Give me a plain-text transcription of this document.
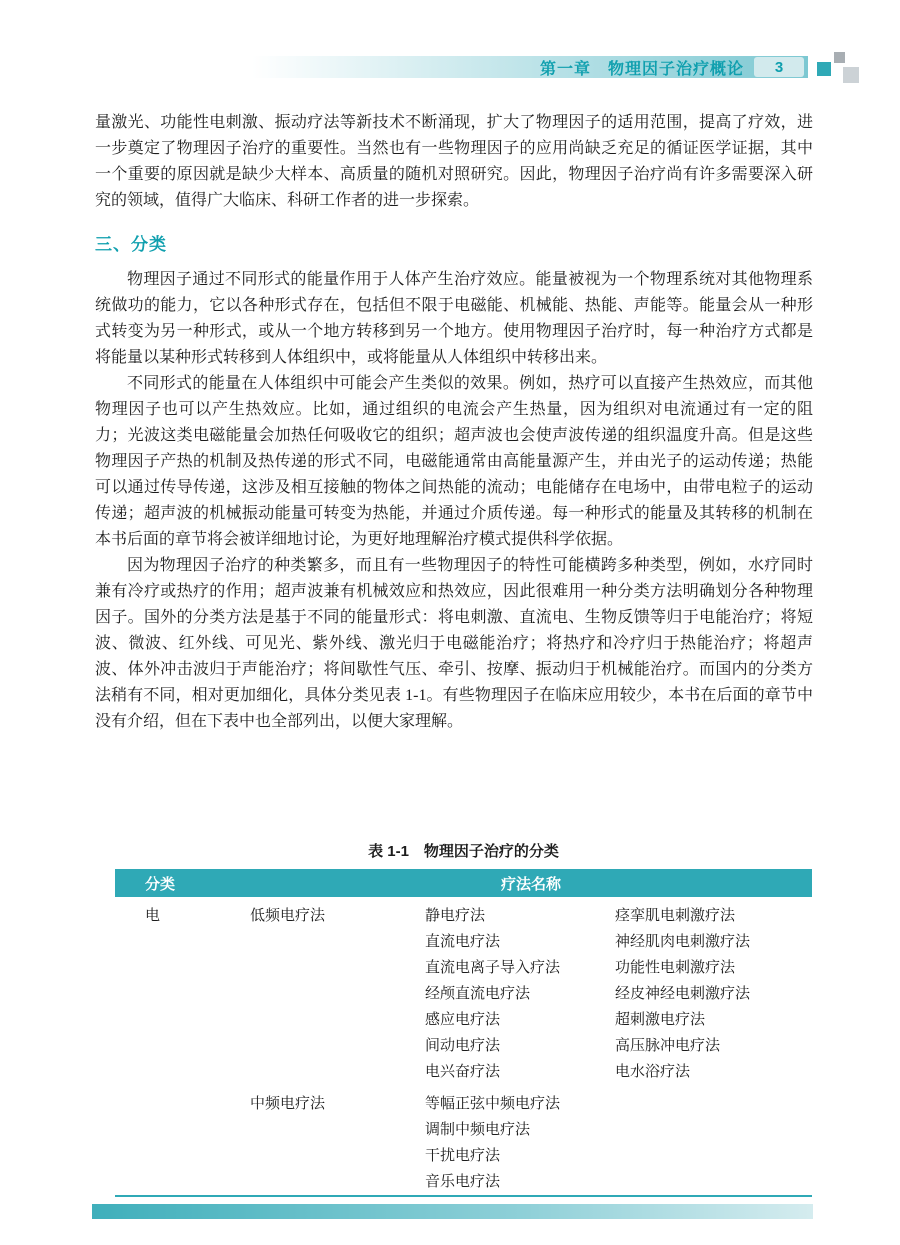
第一章　物理因子治疗概论 3

量激光、功能性电刺激、振动疗法等新技术不断涌现，扩大了物理因子的适用范围，提高了疗效，进一步奠定了物理因子治疗的重要性。当然也有一些物理因子的应用尚缺乏充足的循证医学证据，其中一个重要的原因就是缺少大样本、高质量的随机对照研究。因此，物理因子治疗尚有许多需要深入研究的领域，值得广大临床、科研工作者的进一步探索。

三、分类

物理因子通过不同形式的能量作用于人体产生治疗效应。能量被视为一个物理系统对其他物理系统做功的能力，它以各种形式存在，包括但不限于电磁能、机械能、热能、声能等。能量会从一种形式转变为另一种形式，或从一个地方转移到另一个地方。使用物理因子治疗时，每一种治疗方式都是将能量以某种形式转移到人体组织中，或将能量从人体组织中转移出来。

不同形式的能量在人体组织中可能会产生类似的效果。例如，热疗可以直接产生热效应，而其他物理因子也可以产生热效应。比如，通过组织的电流会产生热量，因为组织对电流通过有一定的阻力；光波这类电磁能量会加热任何吸收它的组织；超声波也会使声波传递的组织温度升高。但是这些物理因子产热的机制及热传递的形式不同，电磁能通常由高能量源产生，并由光子的运动传递；热能可以通过传导传递，这涉及相互接触的物体之间热能的流动；电能储存在电场中，由带电粒子的运动传递；超声波的机械振动能量可转变为热能，并通过介质传递。每一种形式的能量及其转移的机制在本书后面的章节将会被详细地讨论，为更好地理解治疗模式提供科学依据。

因为物理因子治疗的种类繁多，而且有一些物理因子的特性可能横跨多种类型，例如，水疗同时兼有冷疗或热疗的作用；超声波兼有机械效应和热效应，因此很难用一种分类方法明确划分各种物理因子。国外的分类方法是基于不同的能量形式：将电刺激、直流电、生物反馈等归于电能治疗；将短波、微波、红外线、可见光、紫外线、激光归于电磁能治疗；将热疗和冷疗归于热能治疗；将超声波、体外冲击波归于声能治疗；将间歇性气压、牵引、按摩、振动归于机械能治疗。而国内的分类方法稍有不同，相对更加细化，具体分类见表 1-1。有些物理因子在临床应用较少，本书在后面的章节中没有介绍，但在下表中也全部列出，以便大家理解。

表 1-1　物理因子治疗的分类
分类	疗法名称		
电	低频电疗法	静电疗法	痉挛肌电刺激疗法
		直流电疗法	神经肌肉电刺激疗法
		直流电离子导入疗法	功能性电刺激疗法
		经颅直流电疗法	经皮神经电刺激疗法
		感应电疗法	超刺激电疗法
		间动电疗法	高压脉冲电疗法
		电兴奋疗法	电水浴疗法
	中频电疗法	等幅正弦中频电疗法	
		调制中频电疗法	
		干扰电疗法	
		音乐电疗法	
